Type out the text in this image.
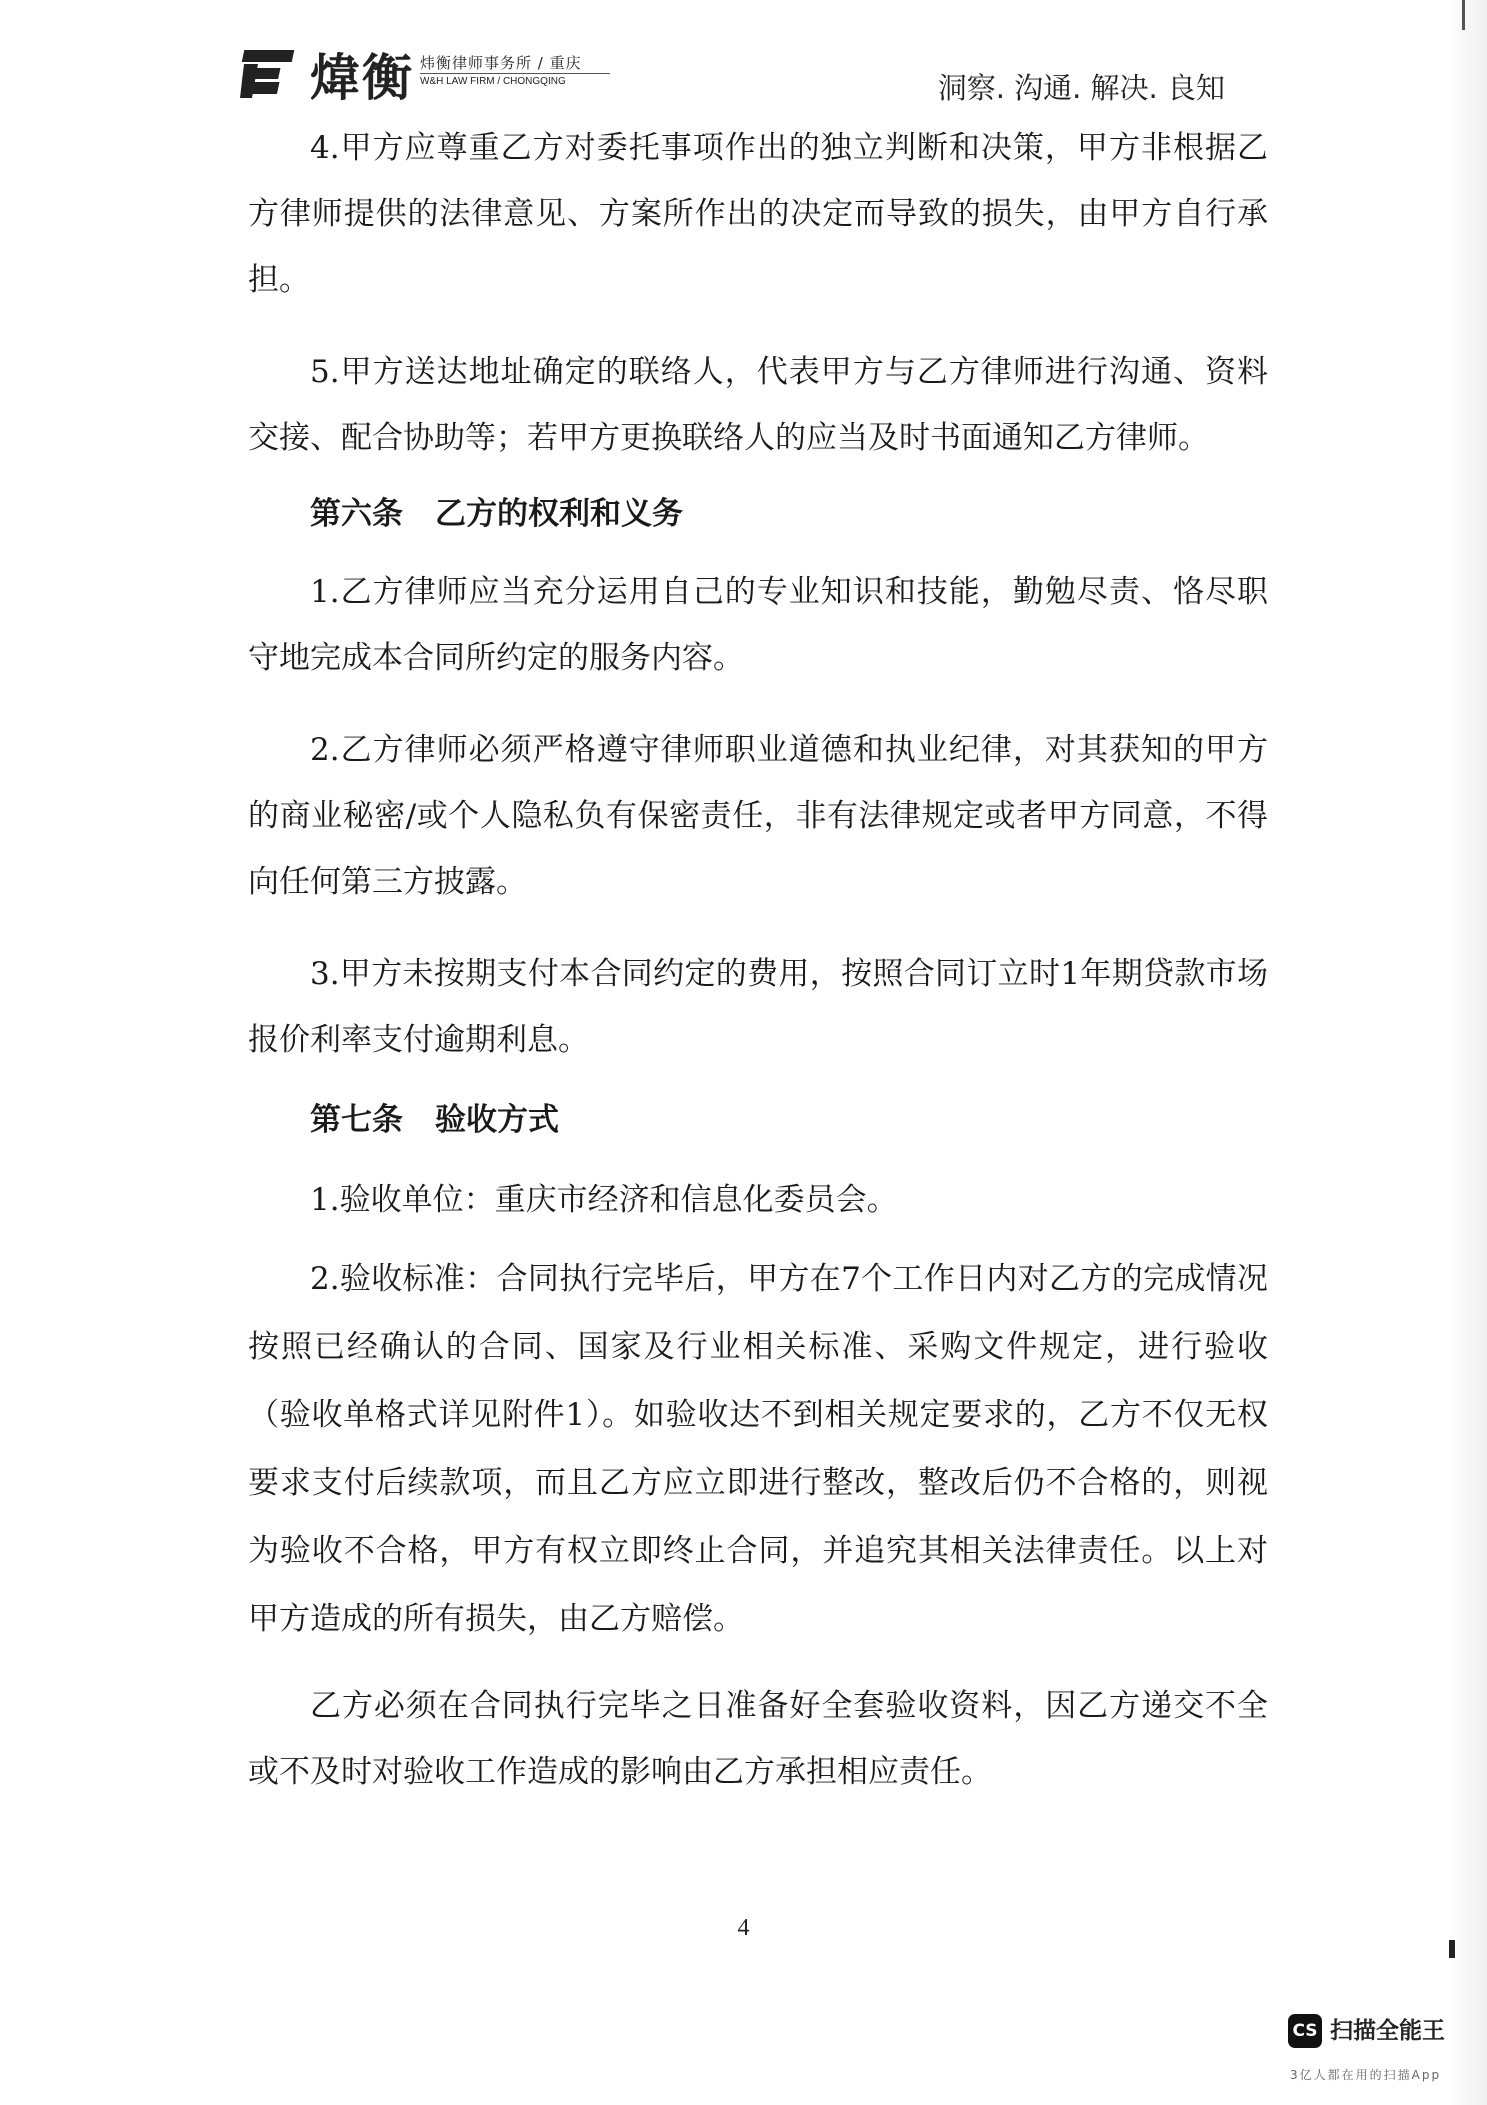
煒衡 炜衡律师事务所 / 重庆
W&H LAW FIRM / CHONGQING	洞察. 沟通. 解决. 良知

4.甲方应尊重乙方对委托事项作出的独立判断和决策，甲方非根据乙方律师提供的法律意见、方案所作出的决定而导致的损失，由甲方自行承担。

5.甲方送达地址确定的联络人，代表甲方与乙方律师进行沟通、资料交接、配合协助等；若甲方更换联络人的应当及时书面通知乙方律师。

第六条 乙方的权利和义务

1.乙方律师应当充分运用自己的专业知识和技能，勤勉尽责、恪尽职守地完成本合同所约定的服务内容。

2.乙方律师必须严格遵守律师职业道德和执业纪律，对其获知的甲方的商业秘密/或个人隐私负有保密责任，非有法律规定或者甲方同意，不得向任何第三方披露。

3.甲方未按期支付本合同约定的费用，按照合同订立时1年期贷款市场报价利率支付逾期利息。

第七条 验收方式

1.验收单位：重庆市经济和信息化委员会。

2.验收标准：合同执行完毕后，甲方在7个工作日内对乙方的完成情况按照已经确认的合同、国家及行业相关标准、采购文件规定，进行验收（验收单格式详见附件1）。如验收达不到相关规定要求的，乙方不仅无权要求支付后续款项，而且乙方应立即进行整改，整改后仍不合格的，则视为验收不合格，甲方有权立即终止合同，并追究其相关法律责任。以上对甲方造成的所有损失，由乙方赔偿。

乙方必须在合同执行完毕之日准备好全套验收资料，因乙方递交不全或不及时对验收工作造成的影响由乙方承担相应责任。

4
CS 扫描全能王
3亿人都在用的扫描App
